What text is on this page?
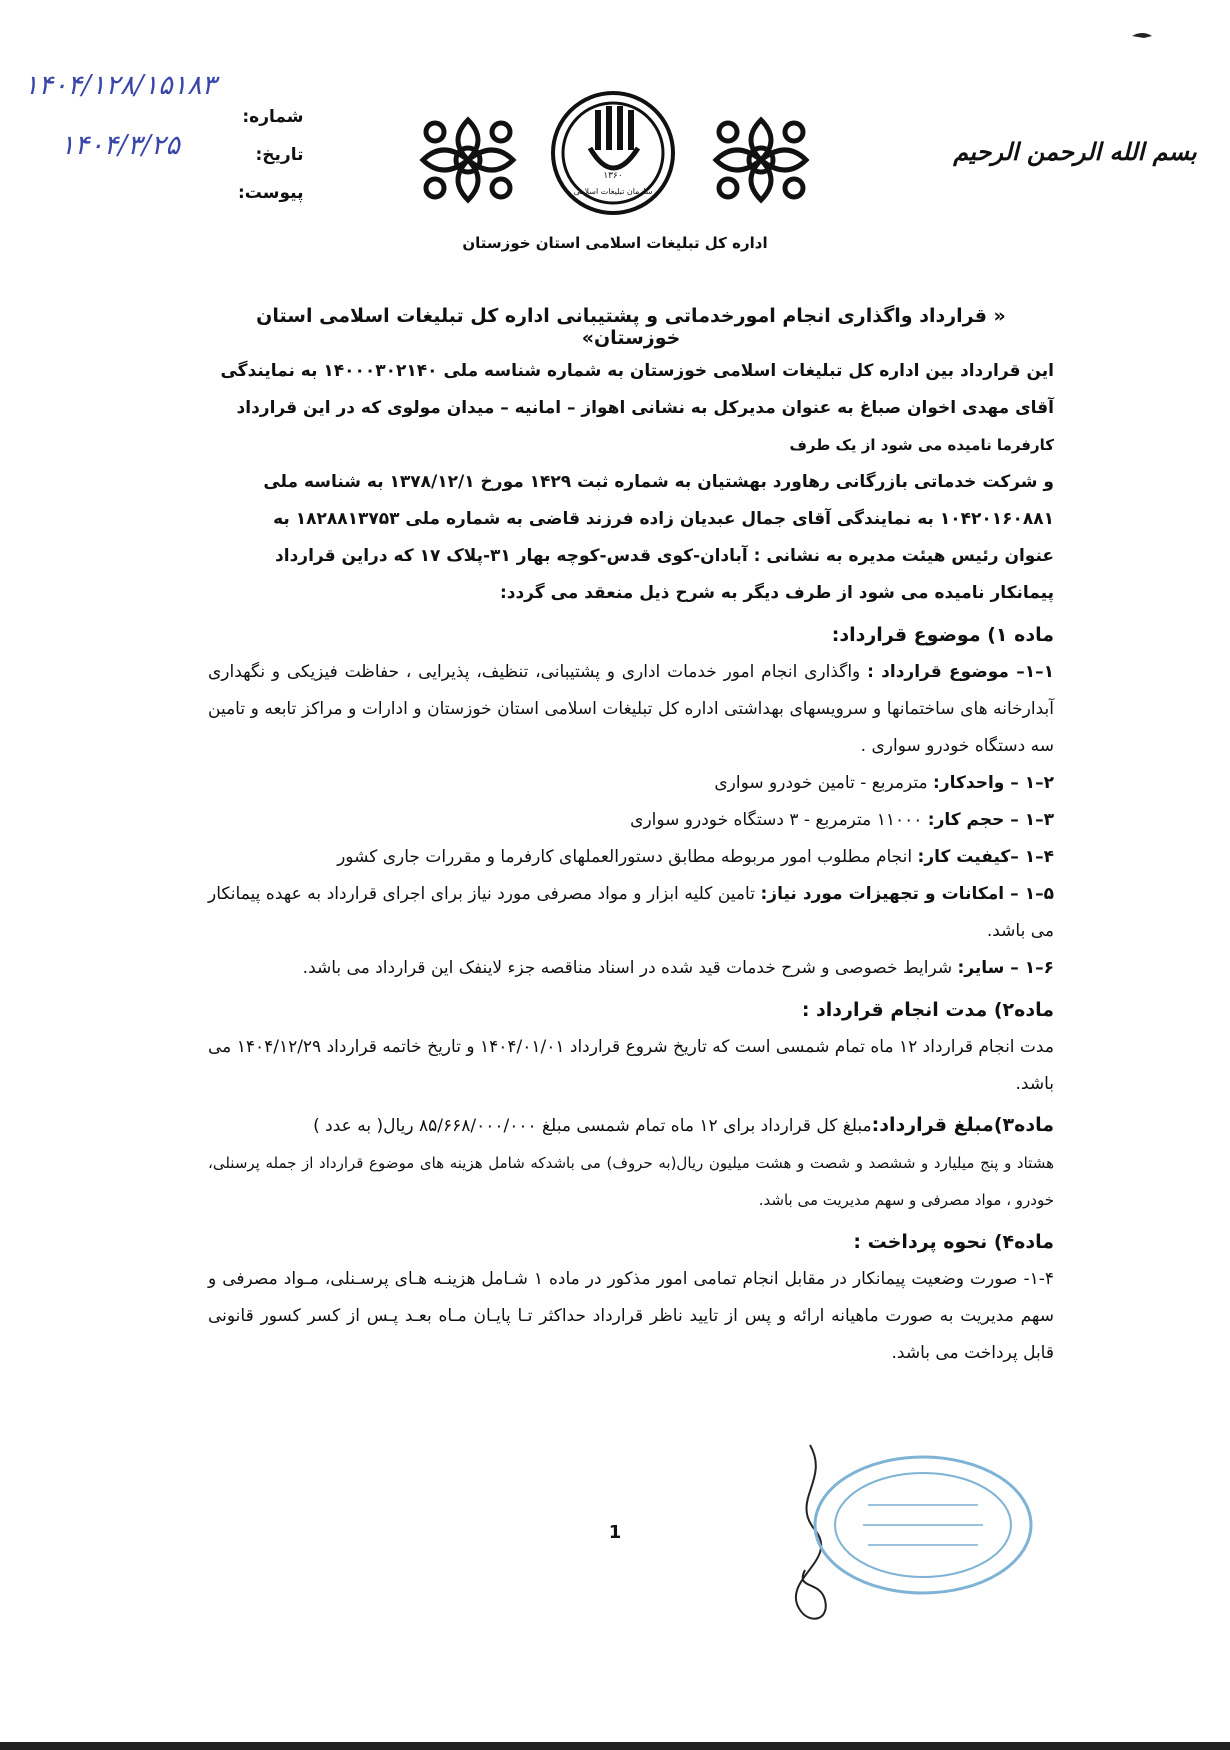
شماره:
تاریخ:
پیوست:
۱۴۰۴/۱۲۸/۱۵۱۸۳
۱۴۰۴/۳/۲۵
۱۳۶۰
سازمان تبلیغات اسلامی
بسم الله الرحمن الرحیم
اداره کل تبلیغات اسلامی استان خوزستان
« قرارداد واگذاری انجام امورخدماتی و پشتیبانی اداره کل تبلیغات اسلامی استان خوزستان»

این قرارداد بین اداره کل تبلیغات اسلامی خوزستان به شماره شناسه ملی ۱۴۰۰۰۳۰۲۱۴۰ به نمایندگی

آقای مهدی اخوان صباغ به عنوان مدیرکل به نشانی اهواز – امانیه – میدان مولوی که در این قرارداد

کارفرما نامیده می شود از یک طرف

و شرکت خدماتی بازرگانی رهاورد بهشتیان به شماره ثبت ۱۴۲۹ مورخ ۱۳۷۸/۱۲/۱ به شناسه ملی

۱۰۴۲۰۱۶۰۸۸۱ به نمایندگی آقای جمال عبدیان زاده فرزند قاضی به شماره ملی ۱۸۲۸۸۱۳۷۵۳ به

عنوان رئیس هیئت مدیره به نشانی : آبادان-کوی قدس-کوچه بهار ۳۱-پلاک ۱۷ که دراین قرارداد

پیمانکار نامیده می شود از طرف دیگر به شرح ذیل منعقد می گردد:

ماده ۱) موضوع قرارداد:

۱–۱– موضوع قرارداد : واگذاری انجام امور خدمات اداری و پشتیبانی، تنظیف، پذیرایی ، حفاظت فیزیکی و نگهداری آبدارخانه های ساختمانها و سرویسهای بهداشتی اداره کل تبلیغات اسلامی استان خوزستان و ادارات و مراکز تابعه و تامین سه دستگاه خودرو سواری .

۲–۱ – واحدکار: مترمربع - تامین خودرو سواری

۳–۱ – حجم کار: ۱۱۰۰۰ مترمربع - ۳ دستگاه خودرو سواری

۴–۱ –کیفیت کار: انجام مطلوب امور مربوطه مطابق دستورالعملهای کارفرما و مقررات جاری کشور

۵–۱ – امکانات و تجهیزات مورد نیاز: تامین کلیه ابزار و مواد مصرفی مورد نیاز برای اجرای قرارداد به عهده پیمانکار می باشد.

۶–۱ – سایر: شرایط خصوصی و شرح خدمات قید شده در اسناد مناقصه جزء لاینفک این قرارداد می باشد.

ماده۲) مدت انجام قرارداد :

مدت انجام قرارداد ۱۲ ماه تمام شمسی است که تاریخ شروع قرارداد ۱۴۰۴/۰۱/۰۱ و تاریخ خاتمه قرارداد ۱۴۰۴/۱۲/۲۹ می باشد.

ماده۳)مبلغ قرارداد:مبلغ کل قرارداد برای ۱۲ ماه تمام شمسی مبلغ ۸۵/۶۶۸/۰۰۰/۰۰۰ ریال( به عدد )

هشتاد و پنج میلیارد و ششصد و شصت و هشت میلیون ریال(به حروف) می باشدکه شامل هزینه های موضوع قرارداد از جمله پرسنلی، خودرو ، مواد مصرفی و سهم مدیریت می باشد.

ماده۴) نحوه پرداخت :

۱-۴- صورت وضعیت پیمانکار در مقابل انجام تمامی امور مذکور در ماده ۱ شـامل هزینـه هـای پرسـنلی، مـواد مصرفی و سهم مدیریت به صورت ماهیانه ارائه و پس از تایید ناظر قرارداد حداکثر تـا پایـان مـاه بعـد پـس از کسر کسور قانونی قابل پرداخت می باشد.

1
